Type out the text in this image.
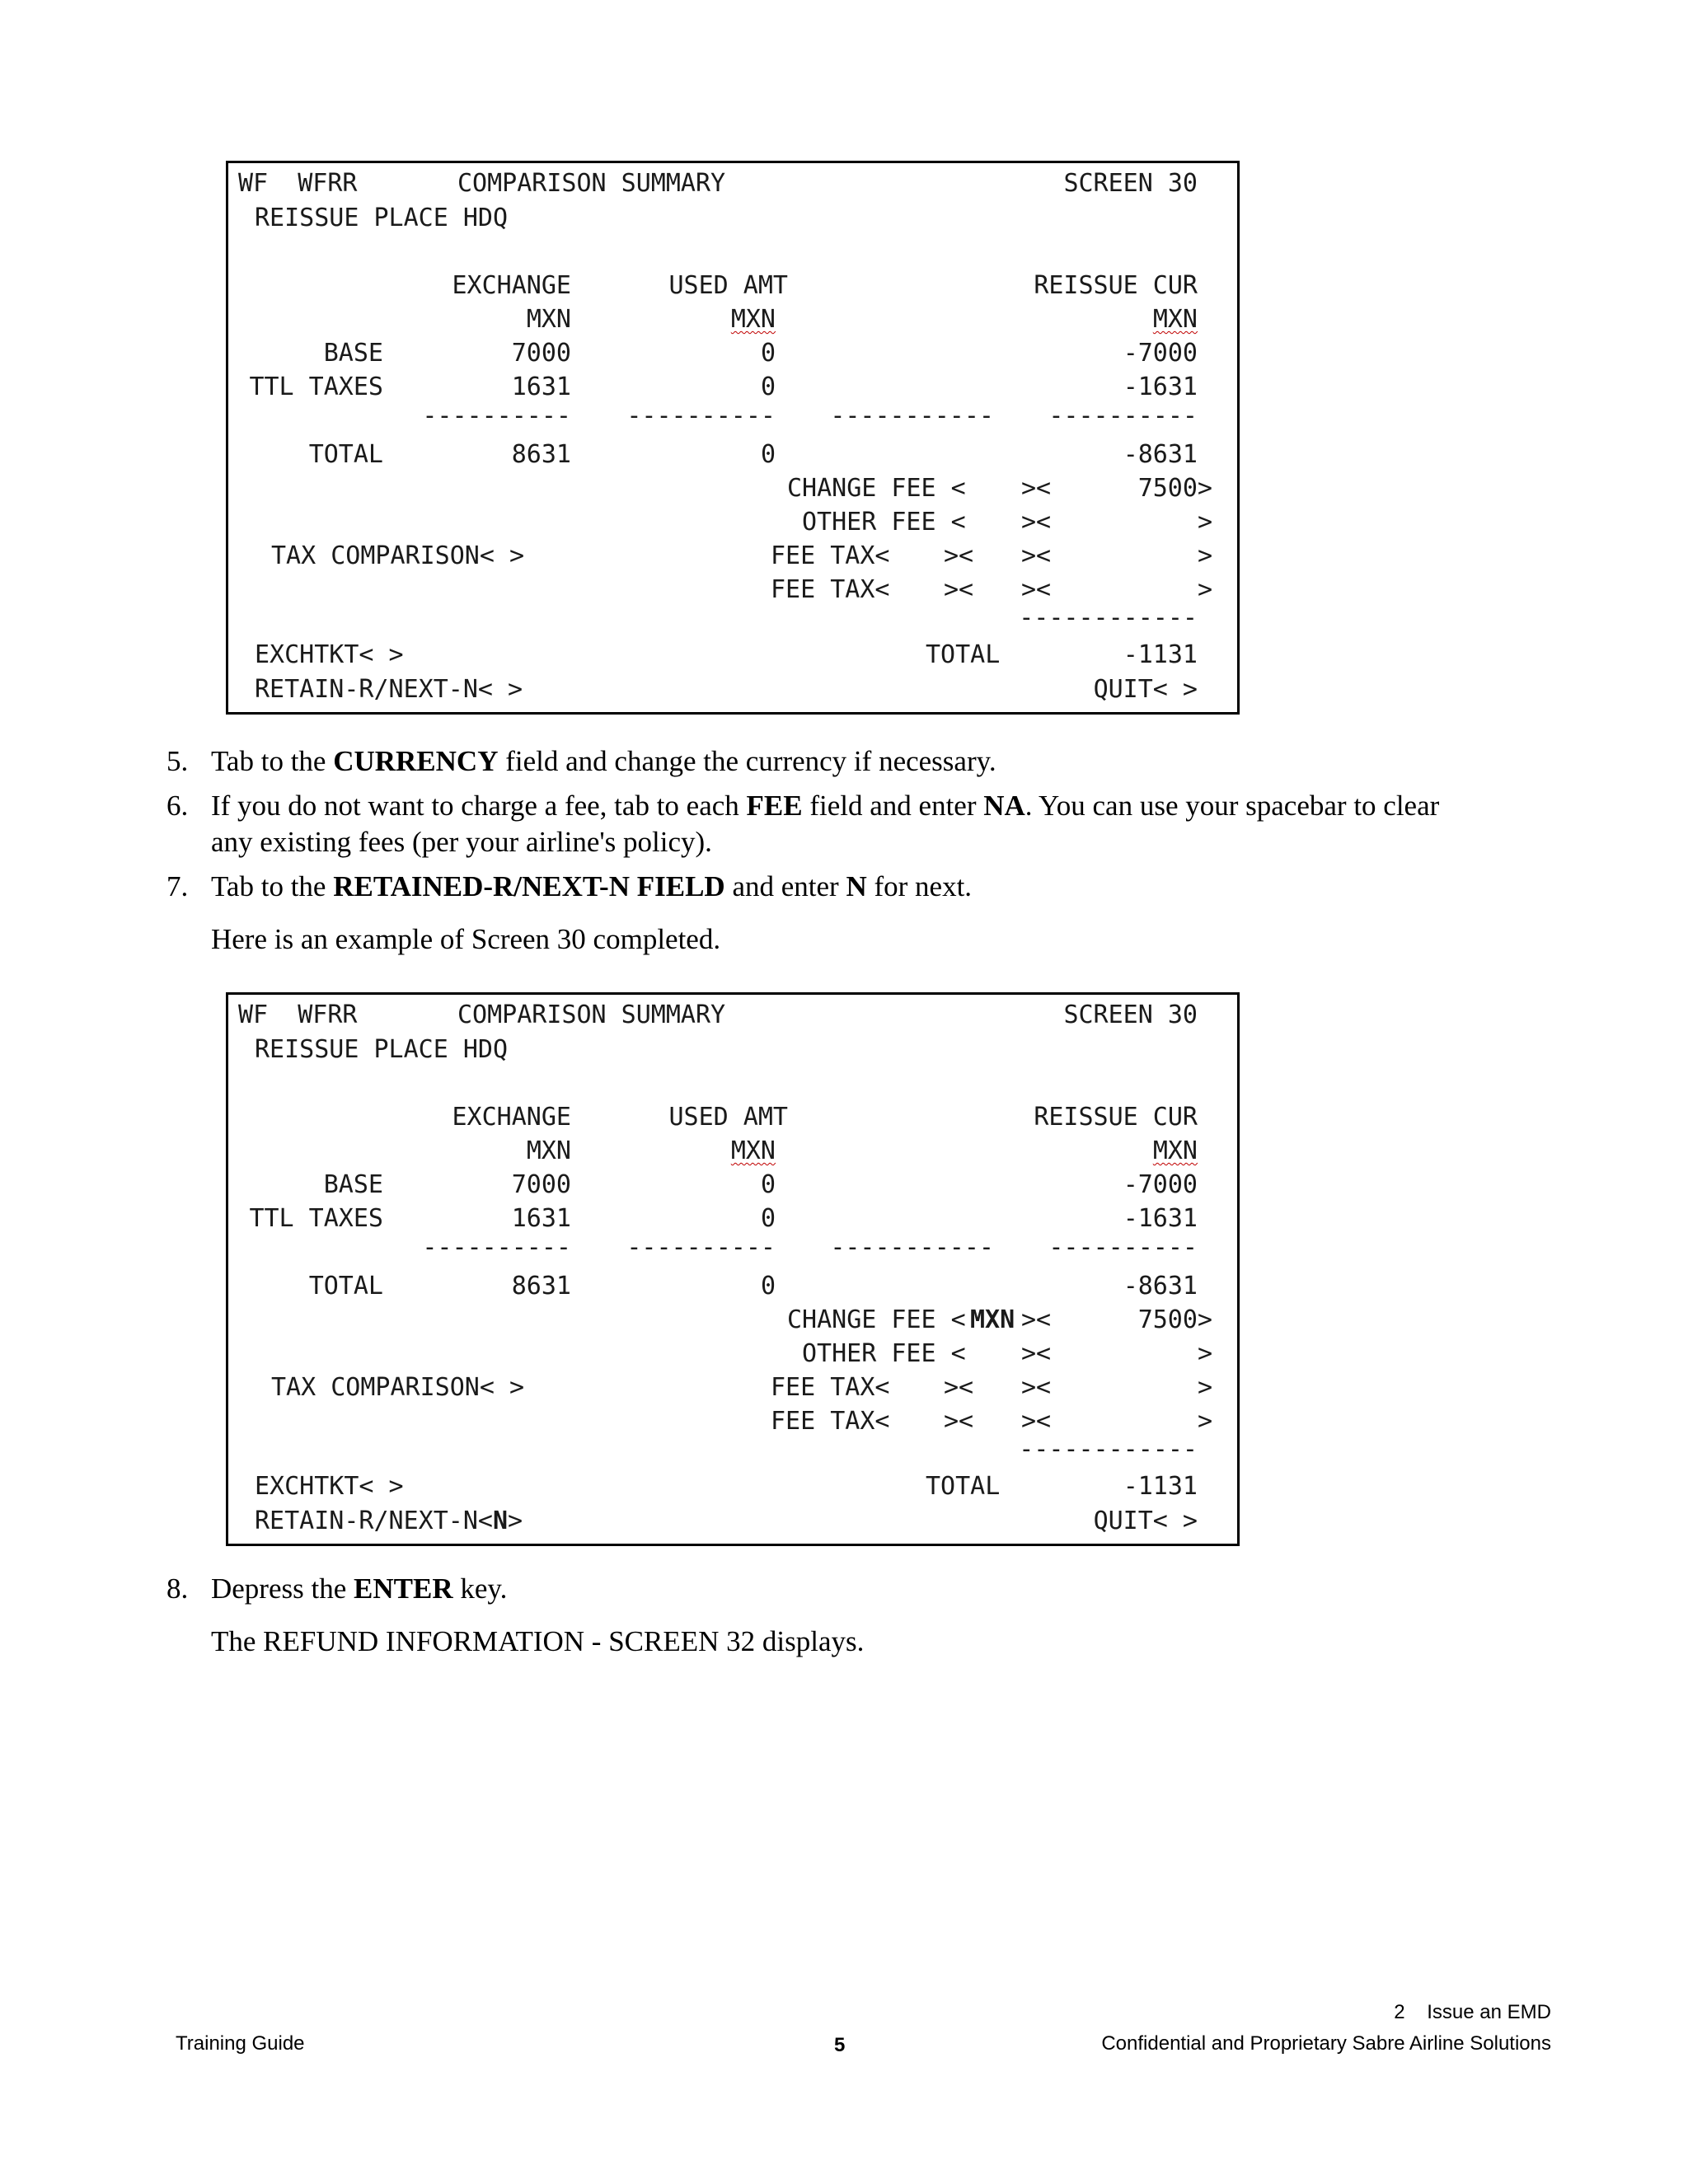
WF  WFRR	COMPARISON SUMMARY	SCREEN 30
REISSUE PLACE HDQ
EXCHANGE	USED AMT	REISSUE CUR
MXN	MXN	MXN
BASE	7000	0	-7000
TTL TAXES	1631	0	-1631
---------- ---------- ----------- ----------
TOTAL	8631	0	-8631
CHANGE FEE < ><	7500>
OTHER FEE < ><	>
TAX COMPARISON< >	FEE TAX< >< ><	>
FEE TAX< >< ><	>
------------
EXCHTKT< >	TOTAL	-1131
RETAIN-R/NEXT-N< >	QUIT< >
5. Tab to the CURRENCY field and change the currency if necessary.
6. If you do not want to charge a fee, tab to each FEE field and enter NA. You can use your spacebar to clear
any existing fees (per your airline's policy).
7. Tab to the RETAINED-R/NEXT-N FIELD and enter N for next.
Here is an example of Screen 30 completed.
WF  WFRR	COMPARISON SUMMARY	SCREEN 30
REISSUE PLACE HDQ
EXCHANGE	USED AMT	REISSUE CUR
MXN	MXN	MXN
BASE	7000	0	-7000
TTL TAXES	1631	0	-1631
---------- ---------- ----------- ----------
TOTAL	8631	0	-8631
CHANGE FEE < MXN ><	7500>
OTHER FEE < ><	>
TAX COMPARISON< >	FEE TAX< >< ><	>
FEE TAX< >< ><	>
------------
EXCHTKT< >	TOTAL	-1131
RETAIN-R/NEXT-N<N>	QUIT< >
8. Depress the ENTER key.
The REFUND INFORMATION - SCREEN 32 displays.
2 Issue an EMD
Training Guide	5	Confidential and Proprietary Sabre Airline Solutions
